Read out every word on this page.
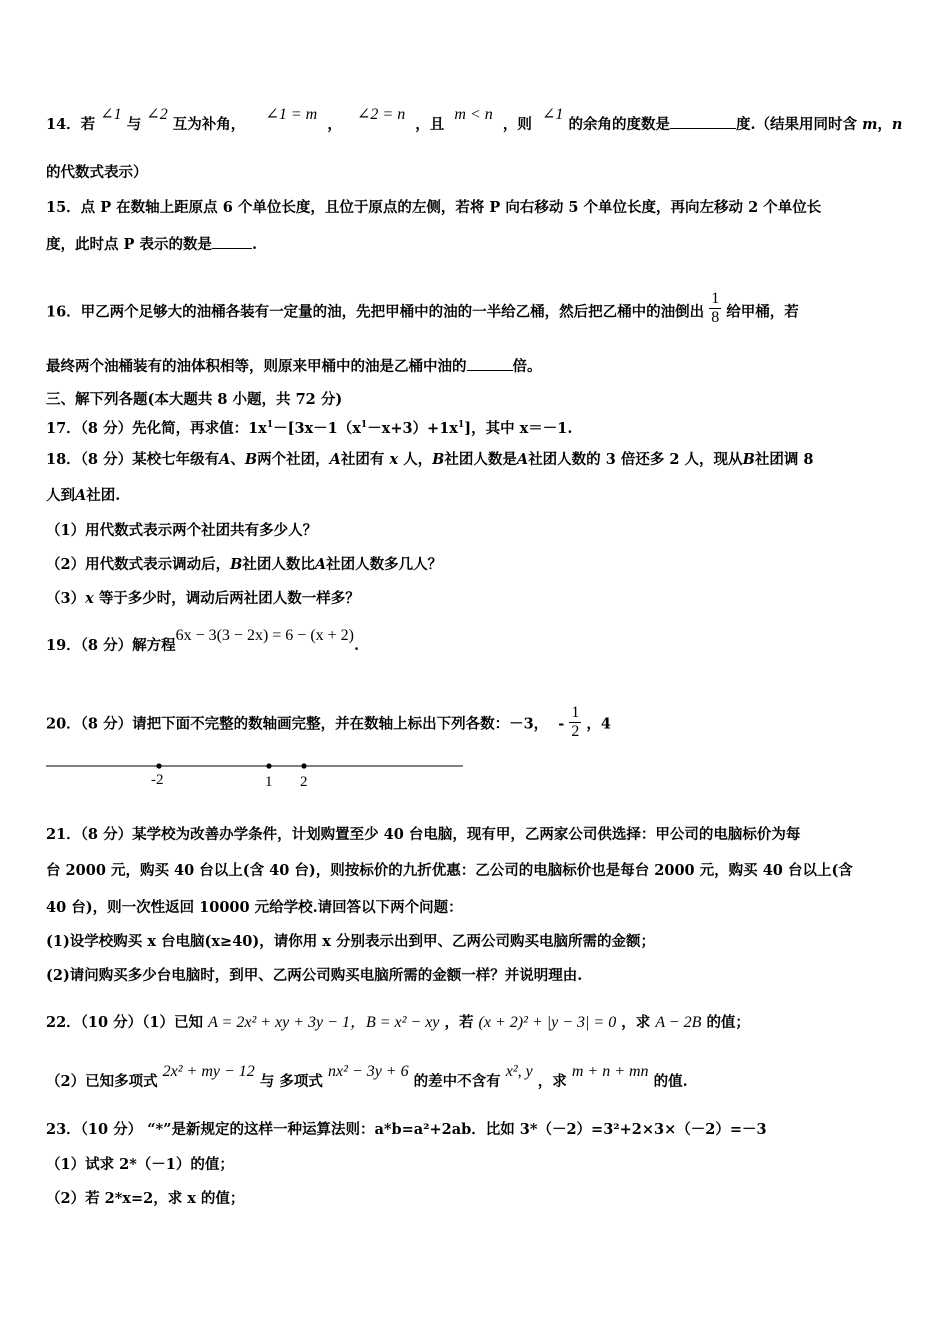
14．若 ∠1 与 ∠2 互为补角，    ∠1 = m  ，   ∠2 = n  ，且  m < n  ，则  ∠1 的余角的度数是	度.（结果用同时含 m，n
的代数式表示）
15．点 P 在数轴上距原点 6 个单位长度，且位于原点的左侧，若将 P 向右移动 5 个单位长度，再向左移动 2 个单位长
度，此时点 P 表示的数是	.
16．甲乙两个足够大的油桶各装有一定量的油，先把甲桶中的油的一半给乙桶，然后把乙桶中的油倒出 $\frac{1}{8}$ 给甲桶，若
最终两个油桶装有的油体积相等，则原来甲桶中的油是乙桶中油的	倍。
三、解下列各题(本大题共 8 小题，共 72 分)
17．（8 分）先化简，再求值：$1x^1-[3x-1(x^1-x+3)+1x^1]$，其中 x＝－1.
18．（8 分）某校七年级有A、B两个社团，A社团有 x 人，B社团人数是A社团人数的 3 倍还多 2 人，现从B社团调 8
人到A社团.
（1）用代数式表示两个社团共有多少人？
（2）用代数式表示调动后，B社团人数比A社团人数多几人？
（3）x 等于多少时，调动后两社团人数一样多？
19．（8 分）解方程6x − 3(3 − 2x) = 6 − (x + 2).
20．（8 分）请把下面不完整的数轴画完整，并在数轴上标出下列各数：－3， - $\frac{1}{2}$ ，4
-2	1 2
21．（8 分）某学校为改善办学条件，计划购置至少 40 台电脑，现有甲，乙两家公司供选择：甲公司的电脑标价为每
台 2000 元，购买 40 台以上(含 40 台)，则按标价的九折优惠：乙公司的电脑标价也是每台 2000 元，购买 40 台以上(含
40 台)，则一次性返回 10000 元给学校.请回答以下两个问题：
(1)设学校购买 x 台电脑(x≥40)，请你用 x 分别表示出到甲、乙两公司购买电脑所需的金额；
(2)请问购买多少台电脑时，到甲、乙两公司购买电脑所需的金额一样？并说明理由.
22．（10 分）（1）已知 A = 2x² + xy + 3y − 1，B = x² − xy ，若 (x + 2)² + |y − 3| = 0 ，求 A − 2B 的值；
（2）已知多项式 2x² + my − 12 与 多项式 nx² − 3y + 6 的差中不含有 x², y ，求 m + n + mn 的值.
23．（10 分） “*”是新规定的这样一种运算法则：a*b=a²+2ab．比如 3*（－2）=3²+2×3×（－2）=－3
（1）试求 2*（－1）的值；
（2）若 2*x=2，求 x 的值；
